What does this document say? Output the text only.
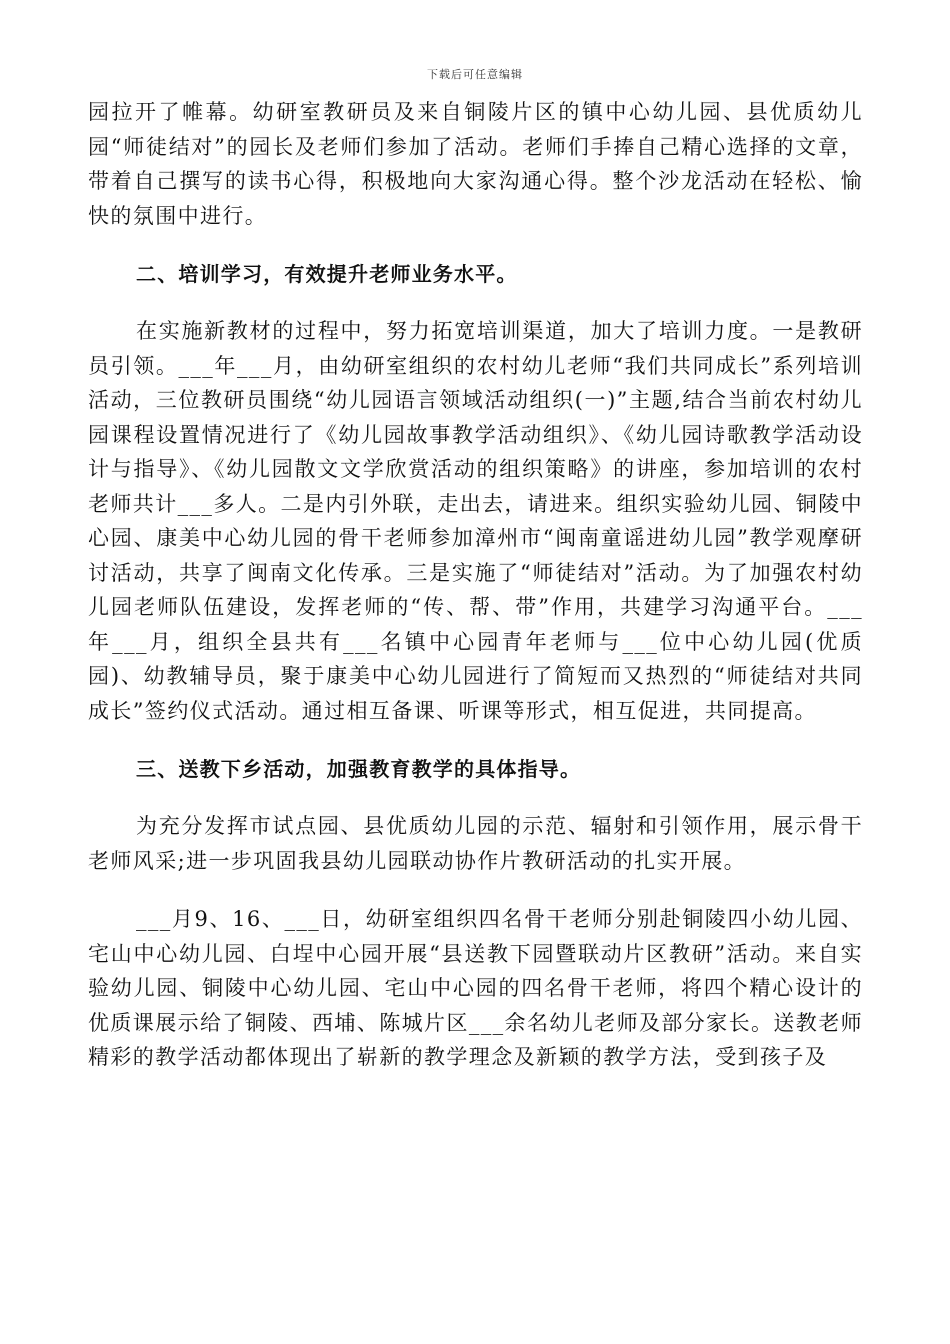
下载后可任意编辑

园拉开了帷幕。幼研室教研员及来自铜陵片区的镇中心幼儿园、县优质幼儿园“师徒结对”的园长及老师们参加了活动。老师们手捧自己精心选择的文章，带着自己撰写的读书心得，积极地向大家沟通心得。整个沙龙活动在轻松、愉快的氛围中进行。

二、培训学习，有效提升老师业务水平。

在实施新教材的过程中，努力拓宽培训渠道，加大了培训力度。一是教研员引领。___年___月，由幼研室组织的农村幼儿老师“我们共同成长”系列培训活动，三位教研员围绕“幼儿园语言领域活动组织(一)”主题,结合当前农村幼儿园课程设置情况进行了《幼儿园故事教学活动组织》、《幼儿园诗歌教学活动设计与指导》、《幼儿园散文文学欣赏活动的组织策略》的讲座，参加培训的农村老师共计___多人。二是内引外联，走出去，请进来。组织实验幼儿园、铜陵中心园、康美中心幼儿园的骨干老师参加漳州市“闽南童谣进幼儿园”教学观摩研讨活动，共享了闽南文化传承。三是实施了“师徒结对”活动。为了加强农村幼儿园老师队伍建设，发挥老师的“传、帮、带”作用，共建学习沟通平台。___年___月，组织全县共有___名镇中心园青年老师与___位中心幼儿园(优质园)、幼教辅导员，聚于康美中心幼儿园进行了简短而又热烈的“师徒结对共同成长”签约仪式活动。通过相互备课、听课等形式，相互促进，共同提高。

三、送教下乡活动，加强教育教学的具体指导。

为充分发挥市试点园、县优质幼儿园的示范、辐射和引领作用，展示骨干老师风采;进一步巩固我县幼儿园联动协作片教研活动的扎实开展。

___月9、16、___日，幼研室组织四名骨干老师分别赴铜陵四小幼儿园、宅山中心幼儿园、白埕中心园开展“县送教下园暨联动片区教研”活动。来自实验幼儿园、铜陵中心幼儿园、宅山中心园的四名骨干老师，将四个精心设计的优质课展示给了铜陵、西埔、陈城片区___余名幼儿老师及部分家长。送教老师精彩的教学活动都体现出了崭新的教学理念及新颖的教学方法，受到孩子及
